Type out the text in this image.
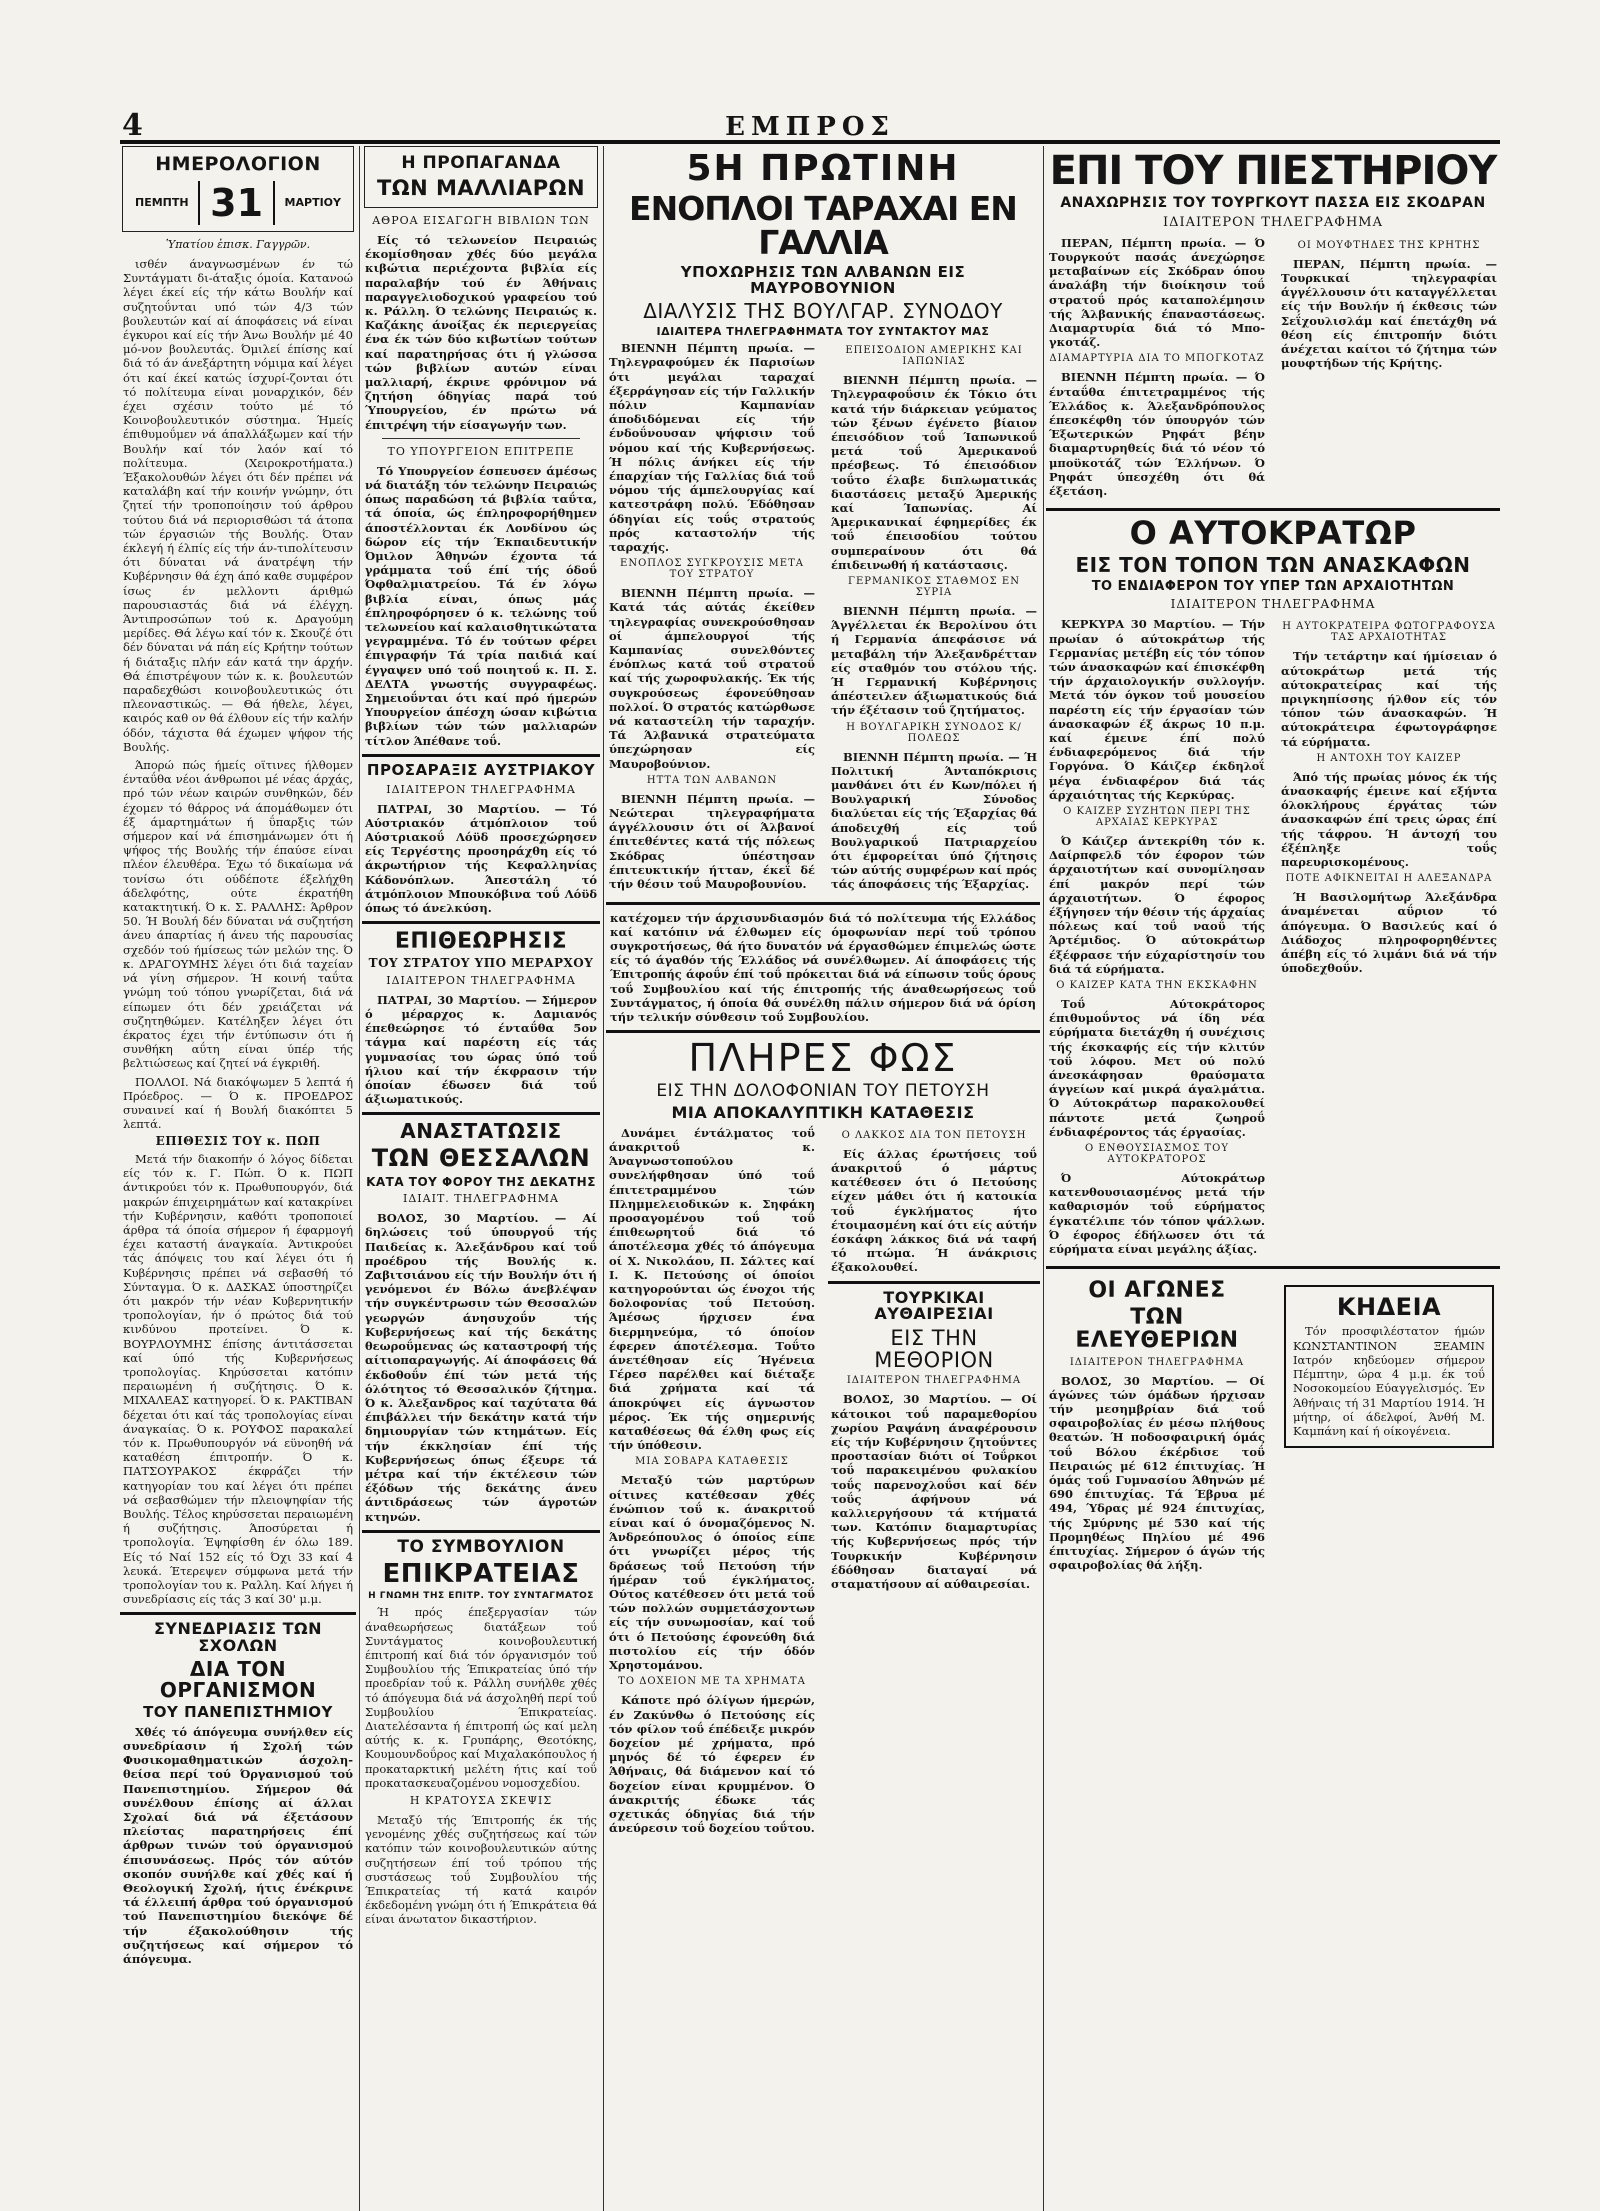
4	ΕΜΠΡΟΣ
ΗΜΕΡΟΛΟΓΙΟΝ
ΠΕΜΠΤΗ 31	ΜΑΡΤΙΟΥ
Ὑπατίου ἐπισκ. Γαγγρῶν.

ισθέν άναγνωσμένων έν τώ Συντάγματι δι-άταξις όμοία. Κατανοώ λέγει έκεί είς τήν κάτω Βουλήν καί συζητοΰνται υπό τών 4/3 τών βουλευτών καί αί άποφάσεις νά είναι έγκυροι καί είς τήν Άνω Βουλήν μέ 40 μό-νον βουλευτάς. Όμιλεί έπίσης καί διά τό άν άνεξάρτητη νόμιμα καί λέγει ότι καί έκεί κατώς ίσχυρί-ζονται ότι τό πολίτευμα είναι μοναρχικόν, δέν έχει σχέσιν τούτο μέ τό Κοινοβουλευτικόν σύστημα. Ήμείς έπιθυμοΰμεν νά άπαλλάξωμεν καί τήν Βουλήν καί τόν λαόν καί τό πολίτευμα. (Χειροκροτήματα.) Έξακολουθών λέγει ότι δέν πρέπει νά καταλάβη καί τήν κοινήν γνώμην, ότι ζητεί τήν τροποποίησιν τού άρθρου τούτου διά νά περιορισθώσι τά άτοπα τών έργασιών τής Βουλής. Όταν έκλεγή ή έλπίς είς τήν άν-τιπολίτευσιν ότι δύναται νά άνατρέψη τήν Κυβέρνησιν θά έχη άπό καθε συμφέρον ίσως έν μελλοντι άριθμώ παρουσιαστάς διά νά έλέγχη. Άντιπροσώπων τού κ. Δραγούμη μερίδες. Θά λέγω καί τόν κ. Σκουζέ ότι δέν δύναται νά πάη είς Κρήτην τούτων ή διάταξις πλήν εάν κατά την άρχήν. Θά έπιστρέψουν τών κ. κ. βουλευτών παραδεχθώσι κοινοβουλευτικώς ότι πλεοναστικώς. — Θά ήθελε, λέγει, καιρός καθ ον θά έλθουν είς τήν καλήν όδόν, τάχιστα θά έχωμεν ψήφον τής Βουλής.

Άπορώ πώς ήμείς οϊτινες ήλθομεν ένταΰθα νέοι άνθρωποι μέ νέας άρχάς, πρό τών νέων καιρών συνθηκών, δέν έχομεν τό θάρρος νά άπομάθωμεν ότι έξ άμαρτημάτων ή ΰπαρξις τών σήμερον καί νά έπισημάνωμεν ότι ή ψήφος τής Βουλής τήν έπαύσε είναι πλέον έλευθέρα. Έχω τό δικαίωμα νά τονίσω ότι ούδέποτε έξελήχθη άδελφότης, ούτε έκρατήθη κατακτητική. Ό κ. Σ. ΡΑΛΛΗΣ: Άρθρον 50. Ή Βουλή δέν δύναται νά συζητήση άνευ άπαρτίας ή άνευ τής παρουσίας σχεδόν τού ήμίσεως τών μελών της. Ό κ. ΔΡΑΓΟΥΜΗΣ λέγει ότι διά ταχείαν νά γίνη σήμερον. Ή κοινή ταΰτα γνώμη τού τόπου γνωρίζεται, διά νά είπωμεν ότι δέν χρειάζεται νά συζητηθώμεν. Κατέληξεν λέγει ότι έκρατος έχει τήν έντύπωσιν ότι ή συνθήκη αΰτη είναι ύπέρ τής βελτιώσεως καί ζητεί νά έγκριθή.

ΠΟΛΛΟΙ. Νά διακόψωμεν 5 λεπτά ή Πρόεδρος. — Ό κ. ΠΡΟΕΔΡΟΣ συναινεί καί ή Βουλή διακόπτει 5 λεπτά.

ΕΠΙΘΕΣΙΣ ΤΟΥ κ. ΠΩΠ

Μετά τήν διακοπήν ό λόγος δίδεται είς τόν κ. Γ. Πώπ. Ό κ. ΠΩΠ άντικρούει τόν κ. Πρωθυπουργόν, διά μακρών έπιχειρημάτων καί κατακρίνει τήν Κυβέρνησιν, καθότι τροποποιεί άρθρα τά όποία σήμερον ή έφαρμογή έχει καταστή άναγκαία. Άντικρούει τάς άπόψεις του καί λέγει ότι ή Κυβέρνησις πρέπει νά σεβασθή τό Σύνταγμα. Ό κ. ΔΑΣΚΑΣ ύποστηρίζει ότι μακρόν τήν νέαν Κυβερνητικήν τροπολογίαν, ήν ό πρώτος διά τού κινδύνου προτείνει. Ό κ. ΒΟΥΡΛΟΥΜΗΣ έπίσης άντιτάσσεται καί ύπό τής Κυβερνήσεως τροπολογίας. Κηρύσσεται κατόπιν περαιωμένη ή συζήτησις. Ό κ. ΜΙΧΑΛΕΑΣ κατηγορεί. Ό κ. ΡΑΚΤΙΒΑΝ δέχεται ότι καί τάς τροπολογίας είναι άναγκαίας. Ό κ. ΡΟΥΦΟΣ παρακαλεί τόν κ. Πρωθυπουργόν νά εϋνοηθή νά καταθέση έπιτροπήν. Ό κ. ΠΑΤΣΟΥΡΑΚΟΣ έκφράζει τήν κατηγορίαν του καί λέγει ότι πρέπει νά σεβασθώμεν τήν πλειοψηφίαν τής Βουλής. Τέλος κηρύσσεται περαιωμένη ή συζήτησις. Άποσύρεται ή τροπολογία. Έψηφίσθη έν όλω 189. Είς τό Ναί 152 είς τό Όχι 33 καί 4 λευκά. Έτερεψεν σύμφωνα μετά τήν τροπολογίαν του κ. Ραλλη. Καί λήγει ή συνεδρίασις είς τάς 3 καί 30' μ.μ.

ΣΥΝΕΔΡΙΑΣΙΣ ΤΩΝ ΣΧΟΛΩΝ
ΔΙΑ ΤΟΝ ΟΡΓΑΝΙΣΜΟΝ
ΤΟΥ ΠΑΝΕΠΙΣΤΗΜΙΟΥ

Χθές τό άπόγευμα συνήλθεν είς συνεδρίασιν ή Σχολή τών Φυσικομαθηματικών άσχολη-θείσα περί τού Όργανισμού τού Πανεπιστημίου. Σήμερον θά συνέλθουν έπίσης αί άλλαι Σχολαί διά νά έξετάσουν πλείστας παρατηρήσεις έπί άρθρων τινών τού όργανισμού έπισυνάσεως. Πρός τόν αύτόν σκοπόν συνήλθε καί χθές καί ή Θεολογική Σχολή, ήτις ένέκρινε τά έλλειπή άρθρα τού όργανισμού τού Πανεπιστημίου διεκόψε δέ τήν έξακολούθησιν τής συζητήσεως καί σήμερον τό άπόγευμα.

Η ΠΡΟΠΑΓΑΝΔΑ
ΤΩΝ ΜΑΛΛΙΑΡΩΝ
ΑΘΡΟΑ ΕΙΣΑΓΩΓΗ ΒΙΒΛΙΩΝ ΤΩΝ

Είς τό τελωνείον Πειραιώς έκομίσθησαν χθές δύο μεγάλα κιβώτια περιέχοντα βιβλία είς παραλαβήν τού έν Άθήναις παραγγελιοδοχικού γραφείου τού κ. Ράλλη. Ό τελώνης Πειραιώς κ. Καζάκης άνοίξας έκ περιεργείας ένα έκ τών δύο κιβωτίων τούτων καί παρατηρήσας ότι ή γλώσσα τών βιβλίων αυτών είναι μαλλιαρή, έκρινε φρόνιμον νά ζητήση όδηγίας παρά τού Ύπουργείου, έν πρώτω νά έπιτρέψη τήν είσαγωγήν των.

ΤΟ ΥΠΟΥΡΓΕΙΟΝ ΕΠΙΤΡΕΠΕ

Τό Υπουργείον έσπευσεν άμέσως νά διατάξη τόν τελώνην Πειραιώς όπως παραδώση τά βιβλία ταΰτα, τά όποία, ώς έπληροφορήθημεν άποστέλλονται έκ Λονδίνου ώς δώρον είς τήν Έκπαιδευτικήν Όμιλον Άθηνών έχοντα τά γράμματα τοΰ έπί τής όδοΰ Όφθαλμιατρείου. Τά έν λόγω βιβλία είναι, όπως μάς έπληροφόρησεν ό κ. τελώνης τοΰ τελωνείου καί καλαισθητικώτατα γεγραμμένα. Τό έν τούτων φέρει έπιγραφήν Τά τρία παιδιά καί έγγαψεν υπό τοΰ ποιητοΰ κ. Π. Σ. ΔΕΛΤΑ γνωστής συγγραφέως. Σημειοΰνται ότι καί πρό ήμερών Υπουργείον άπέσχη ώσαν κιβώτια βιβλίων τών τών μαλλιαρών τίτλον Άπέθανε τοΰ.

ΠΡΟΣΑΡΑΞΙΣ ΑΥΣΤΡΙΑΚΟΥ
ΙΔΙΑΙΤΕΡΟΝ ΤΗΛΕΓΡΑΦΗΜΑ

ΠΑΤΡΑΙ, 30 Μαρτίου. — Τό Αύστριακόν άτμόπλοιον τοΰ Αύστριακοΰ Λόϋδ προσεχώρησεν είς Τεργέστης προσηράχθη είς τό άκρωτήριον τής Κεφαλληνίας Κάδονόπλων. Άπεστάλη τό άτμόπλοιον Μπουκόβινα τοΰ Λόϋδ όπως τό άνελκύση.

ΕΠΙΘΕΩΡΗΣΙΣ
ΤΟΥ ΣΤΡΑΤΟΥ ΥΠΟ ΜΕΡΑΡΧΟΥ
ΙΔΙΑΙΤΕΡΟΝ ΤΗΛΕΓΡΑΦΗΜΑ

ΠΑΤΡΑΙ, 30 Μαρτίου. — Σήμερον ό μέραρχος κ. Δαμιανός έπεθεώρησε τό ένταΰθα 5ον τάγμα καί παρέστη είς τάς γυμνασίας του ώρας ύπό τοΰ ήλιου καί τήν έκφρασιν τήν όποίαν έδωσεν διά τοΰ άξιωματικούς.

ΑΝΑΣΤΑΤΩΣΙΣ
ΤΩΝ ΘΕΣΣΑΛΩΝ
ΚΑΤΑ ΤΟΥ ΦΟΡΟΥ ΤΗΣ ΔΕΚΑΤΗΣ
ΙΔΙΑΙΤ. ΤΗΛΕΓΡΑΦΗΜΑ

ΒΟΛΟΣ, 30 Μαρτίου. — Αί δηλώσεις τοΰ ύπουργοΰ τής Παιδείας κ. Άλεξάνδρου καί τοΰ προέδρου τής Βουλής κ. Ζαβιτσιάνου είς τήν Βουλήν ότι ή γενόμενοι έν Βόλω άνεβλέψαν τήν συγκέντρωσιν τών Θεσσαλών γεωργών άνησυχοΰν τής Κυβερνήσεως καί τής δεκάτης θεωροΰμενας ώς καταστροφή τής αίτιοπαραγωγής. Αί άποφάσεις θά έκδοθοΰν έπί τών μετά τής όλότητος τό Θεσσαλικόν ζήτημα. Ό κ. Άλεξανδρος καί ταχύτατα θά έπιβάλλει τήν δεκάτην κατά τήν δημιουργίαν τών κτημάτων. Είς τήν έκκλησίαν έπί τής Κυβερνήσεως όπως έξευρε τά μέτρα καί τήν έκτέλεσιν τών έξόδων τής δεκάτης άνευ άντιδράσεως τών άγροτών κτηνών.

ΤΟ ΣΥΜΒΟΥΛΙΟΝ
ΕΠΙΚΡΑΤΕΙΑΣ
Η ΓΝΩΜΗ ΤΗΣ ΕΠΙΤΡ. ΤΟΥ ΣΥΝΤΑΓΜΑΤΟΣ

Ή πρός έπεξεργασίαν τών άναθεωρήσεως διατάξεων τοΰ Συντάγματος κοινοβουλευτική έπιτροπή καί διά τόν όργανισμόν τοΰ Συμβουλίου τής Έπικρατείας ύπό τήν προεδρίαν τοΰ κ. Ράλλη συνήλθε χθές τό άπόγευμα διά νά άσχοληθή περί τοΰ Συμβουλίου Έπικρατείας. Διατελέσαντα ή έπιτροπή ώς καί μελη αύτής κ. κ. Γρυπάρης, Θεοτόκης, Κουμουνδοΰρος καί Μιχαλακόπουλος ή προκαταρκτική μελέτη ήτις καί τοΰ προκατασκευαζομένου νομοσχεδίου.

Η ΚΡΑΤΟΥΣΑ ΣΚΕΨΙΣ

Μεταξύ τής Έπιτροπής έκ τής γενομένης χθές συζητήσεως καί τών κατόπιν τών κοινοβουλευτικών αύτης συζητήσεων έπί τοΰ τρόπου τής συστάσεως τοΰ Συμβουλίου τής Έπικρατείας τή κατά καιρόν έκδεδομένη γνώμη ότι ή Έπικράτεια θά είναι άνωτατον δικαστήριον.

5Η ΠΡΩΤΙΝΗ
ΕΝΟΠΛΟΙ ΤΑΡΑΧΑΙ ΕΝ ΓΑΛΛΙΑ
ΥΠΟΧΩΡΗΣΙΣ ΤΩΝ ΑΛΒΑΝΩΝ ΕΙΣ ΜΑΥΡΟΒΟΥΝΙΟΝ
ΔΙΑΛΥΣΙΣ ΤΗΣ ΒΟΥΛΓΑΡ. ΣΥΝΟΔΟΥ
ΙΔΙΑΙΤΕΡΑ ΤΗΛΕΓΡΑΦΗΜΑΤΑ ΤΟΥ ΣΥΝΤΑΚΤΟΥ ΜΑΣ

ΒΙΕΝΝΗ Πέμπτη πρωία. — Τηλεγραφούμεν έκ Παρισίων ότι μεγάλαι ταραχαί έξερράγησαν είς τήν Γαλλικήν πόλιν Καμπανίαν άποδιδόμεναι είς τήν ένδοΰνουσαν ψήφισιν τοΰ νόμου καί τής Κυβερνήσεως. Ή πόλις άνήκει είς τήν έπαρχίαν τής Γαλλίας διά τοΰ νόμου τής άμπελουργίας καί κατεστράφη πολύ. Έδόθησαν όδηγίαι είς τοΰς στρατούς πρός καταστολήν τής ταραχής.

ΕΝΟΠΛΟΣ ΣΥΓΚΡΟΥΣΙΣ ΜΕΤΑ ΤΟΥ ΣΤΡΑΤΟΥ

ΒΙΕΝΝΗ Πέμπτη πρωία. — Κατά τάς αύτάς έκείθεν τηλεγραφίας συνεκρούσθησαν οί άμπελουργοί τής Καμπανίας συνελθόντες ένόπλως κατά τοΰ στρατοΰ καί τής χωροφυλακής. Έκ τής συγκρούσεως έφονεύθησαν πολλοί. Ό στρατός κατώρθωσε νά καταστείλη τήν ταραχήν. Τά Άλβανικά στρατεύματα ύπεχώρησαν είς Μαυροβούνιον.

ΗΤΤΑ ΤΩΝ ΑΛΒΑΝΩΝ

ΒΙΕΝΝΗ Πέμπτη πρωία. — Νεώτεραι τηλεγραφήματα άγγέλλουσιν ότι οί Άλβανοί έπιτεθέντες κατά τής πόλεως Σκόδρας ύπέστησαν έπιτευκτικήν ήτταν, έκεΐ δέ τήν θέσιν τοΰ Μαυροβουνίου.

ΕΠΕΙΣΟΔΙΟΝ ΑΜΕΡΙΚΗΣ ΚΑΙ ΙΑΠΩΝΙΑΣ

ΒΙΕΝΝΗ Πέμπτη πρωία. — Τηλεγραφοΰσιν έκ Τόκιο ότι κατά τήν διάρκειαν γεύματος τών ξένων έγένετο βίαιον έπεισόδιον τοΰ Ίαπωνικοΰ μετά τοΰ Άμερικανοΰ πρέσβεως. Τό έπεισόδιον τοΰτο έλαβε διπλωματικάς διαστάσεις μεταξύ Άμερικής καί Ίαπωνίας. Αί Άμερικανικαί έφημερίδες έκ τοΰ έπεισοδίου τούτου συμπεραίνουν ότι θά έπιδεινωθή ή κατάστασις.

ΓΕΡΜΑΝΙΚΟΣ ΣΤΑΘΜΟΣ ΕΝ ΣΥΡΙΑ

ΒΙΕΝΝΗ Πέμπτη πρωία. — Άγγέλλεται έκ Βερολίνου ότι ή Γερμανία άπεφάσισε νά μεταβάλη τήν Άλεξανδρέτταν είς σταθμόν του στόλου τής. Ή Γερμανική Κυβέρνησις άπέστειλεν άξιωματικούς διά τήν έξέτασιν τοΰ ζητήματος.

Η ΒΟΥΛΓΑΡΙΚΗ ΣΥΝΟΔΟΣ Κ/ΠΟΛΕΩΣ

ΒΙΕΝΝΗ Πέμπτη πρωία. — Ή Πολιτική Άνταπόκρισις μανθάνει ότι έν Κων/πόλει ή Βουλγαρική Σύνοδος διαλύεται είς τής Έξαρχίας θά άποδειχθή είς τοΰ Βουλγαρικοΰ Πατριαρχείου ότι έμφορείται ύπό ζήτησις τών αύτής συμφέρων καί πρός τάς άποφάσεις τής Έξαρχίας.

κατέχομεν τήν άρχισυνδιασμόν διά τό πολίτευμα τής Ελλάδος καί κατόπιν νά έλθωμεν είς όμοφωνίαν περί τοΰ τρόπου συγκροτήσεως, θά ήτο δυνατόν νά έργασθώμεν έπιμελώς ώστε είς τό άγαθόν τής Έλλάδος νά συνέλθωμεν. Αί άποφάσεις τής Έπιτροπής άφοΰν έπί τοΰ πρόκειται διά νά είπωσιν τοΰς όρους τοΰ Συμβουλίου καί τής έπιτροπής τής άναθεωρήσεως τοΰ Συντάγματος, ή όποία θά συνέλθη πάλιν σήμερον διά νά όρίση τήν τελικήν σύνθεσιν τοΰ Συμβουλίου.

ΠΛΗΡΕΣ ΦΩΣ
ΕΙΣ ΤΗΝ ΔΟΛΟΦΟΝΙΑΝ ΤΟΥ ΠΕΤΟΥΣΗ
ΜΙΑ ΑΠΟΚΑΛΥΠΤΙΚΗ ΚΑΤΑΘΕΣΙΣ

Δυνάμει έντάλματος τοΰ άνακριτοΰ κ. Άναγνωστοπούλου συνελήφθησαν ύπό τοΰ έπιτετραμμένου τών Πλημμελειοδικών κ. Σηφάκη προσαγομένου τοΰ τοΰ έπιθεωρητοΰ διά τό άποτέλεσμα χθές τό άπόγευμα οί Χ. Νικολάου, Π. Σάλτες καί Ι. Κ. Πετούσης οί όποίοι κατηγορούνται ώς ένοχοι τής δολοφονίας τοΰ Πετούση. Άμέσως ήρχισεν ένα διερμηνεύμα, τό όποίον έφερεν άποτέλεσμα. Τοΰτο άνετέθησαν είς Ήγένεια Γέρεσ παρέλθει καί διέταξε διά χρήματα καί τά άποκρύψει είς άγνωστον μέρος. Έκ τής σημερινής καταθέσεως θά έλθη φως είς τήν ύπόθεσιν.

ΜΙΑ ΣΟΒΑΡΑ ΚΑΤΑΘΕΣΙΣ

Μεταξύ τών μαρτύρων οίτινες κατέθεσαν χθές ένώπιον τοΰ κ. άνακριτοΰ είναι καί ό όνομαζόμενος Ν. Άνδρεόπουλος ό όποίος είπε ότι γνωρίζει μέρος τής δράσεως τοΰ Πετούση τήν ήμέραν τοΰ έγκλήματος. Ούτος κατέθεσεν ότι μετά τοΰ τών πολλών συμμετάσχοντων είς τήν συνωμοσίαν, καί τοΰ ότι ό Πετούσης έφονεύθη διά πιστολίου είς τήν όδόν Χρηστομάνου.

ΤΟ ΔΟΧΕΙΟΝ ΜΕ ΤΑ ΧΡΗΜΑΤΑ

Κάποτε πρό όλίγων ήμερών, έν Ζακύνθω ό Πετούσης είς τόν φίλον τοΰ έπέδειξε μικρόν δοχείον μέ χρήματα, πρό μηνός δέ τό έφερεν έν Άθήναις, θά διάμενον καί τό δοχείον είναι κρυμμένον. Ό άνακριτής έδωκε τάς σχετικάς όδηγίας διά τήν άνεύρεσιν τοΰ δοχείου τοΰτου.

Ο ΛΑΚΚΟΣ ΔΙΑ ΤΟΝ ΠΕΤΟΥΣΗ

Είς άλλας έρωτήσεις τοΰ άνακριτοΰ ό μάρτυς κατέθεσεν ότι ό Πετούσης είχεν μάθει ότι ή κατοικία τοΰ έγκλήματος ήτο έτοιμασμένη καί ότι είς αύτήν έσκάφη λάκκος διά νά ταφή τό πτώμα. Ή άνάκρισις έξακολουθεί.

ΤΟΥΡΚΙΚΑΙ ΑΥΘΑΙΡΕΣΙΑΙ
ΕΙΣ ΤΗΝ ΜΕΘΟΡΙΟΝ
ΙΔΙΑΙΤΕΡΟΝ ΤΗΛΕΓΡΑΦΗΜΑ

ΒΟΛΟΣ, 30 Μαρτίου. — Οί κάτοικοι τοΰ παραμεθορίου χωρίου Ραψάνη άναφέρουσιν είς τήν Κυβέρνησιν ζητοΰντες προστασίαν διότι οί Τοΰρκοι τοΰ παρακειμένου φυλακίου τοΰς παρενοχλοΰσι καί δέν τοΰς άφήνουν νά καλλιεργήσουν τά κτήματά των. Κατόπιν διαμαρτυρίας τής Κυβερνήσεως πρός τήν Τουρκικήν Κυβέρνησιν έδόθησαν διαταγαί νά σταματήσουν αί αύθαιρεσίαι.

ΕΠΙ ΤΟΥ ΠΙΕΣΤΗΡΙΟΥ
ΑΝΑΧΩΡΗΣΙΣ ΤΟΥ ΤΟΥΡΓΚΟΥΤ ΠΑΣΣΑ ΕΙΣ ΣΚΟΔΡΑΝ
ΙΔΙΑΙΤΕΡΟΝ ΤΗΛΕΓΡΑΦΗΜΑ

ΠΕΡΑΝ, Πέμπτη πρωία. — Ό Τουργκούτ πασάς άνεχώρησε μεταβαίνων είς Σκόδραν όπου άναλάβη τήν διοίκησιν τοΰ στρατοΰ πρός καταπολέμησιν τής Άλβανικής έπαναστάσεως. Διαμαρτυρία διά τό Μπο-γκοτάζ.

ΔΙΑΜΑΡΤΥΡΙΑ ΔΙΑ ΤΟ ΜΠΟΓΚΟΤΑΖ

ΒΙΕΝΝΗ Πέμπτη πρωία. — Ό ένταΰθα έπιτετραμμένος τής Έλλάδος κ. Άλεξανδρόπουλος έπεσκέφθη τόν ύπουργόν τών Έξωτερικών Ρηφάτ βέην διαμαρτυρηθείς διά τό νέον τό μποϋκοτάζ τών Έλλήνων. Ό Ρηφάτ ύπεσχέθη ότι θά έξετάση.

ΟΙ ΜΟΥΦΤΗΔΕΣ ΤΗΣ ΚΡΗΤΗΣ

ΠΕΡΑΝ, Πέμπτη πρωία. — Τουρκικαί τηλεγραφίαι άγγέλλουσιν ότι καταγγέλλεται είς τήν Βουλήν ή έκθεσις τών Σεΐχουλισλάμ καί έπετάχθη νά θέση είς έπιτροπήν διότι άνέχεται καίτοι τό ζήτημα τών μουφτήδων τής Κρήτης.

Ο ΑΥΤΟΚΡΑΤΩΡ
ΕΙΣ ΤΟΝ ΤΟΠΟΝ ΤΩΝ ΑΝΑΣΚΑΦΩΝ
ΤΟ ΕΝΔΙΑΦΕΡΟΝ ΤΟΥ ΥΠΕΡ ΤΩΝ ΑΡΧΑΙΟΤΗΤΩΝ
ΙΔΙΑΙΤΕΡΟΝ ΤΗΛΕΓΡΑΦΗΜΑ

ΚΕΡΚΥΡΑ 30 Μαρτίου. — Τήν πρωίαν ό αύτοκράτωρ τής Γερμανίας μετέβη είς τόν τόπον τών άνασκαφών καί έπισκέφθη τήν άρχαιολογικήν συλλογήν. Μετά τόν όγκον τοΰ μουσείου παρέστη είς τήν έργασίαν τών άνασκαφών έξ άκρως 10 π.μ. καί έμεινε έπί πολύ ένδιαφερόμενος διά τήν Γοργόνα. Ό Κάιζερ έκδηλοΐ μέγα ένδιαφέρον διά τάς άρχαιότητας τής Κερκύρας.

Ο ΚΑΙΖΕΡ ΣΥΖΗΤΩΝ ΠΕΡΙ ΤΗΣ ΑΡΧΑΙΑΣ ΚΕΡΚΥΡΑΣ

Ό Κάιζερ άντεκρίθη τόν κ. Δαίρπφελδ τόν έφορον τών άρχαιοτήτων καί συνομίλησαν έπί μακρόν περί τών άρχαιοτήτων. Ό έφορος έξήγησεν τήν θέσιν τής άρχαίας πόλεως καί τοΰ ναοΰ τής Άρτέμιδος. Ό αύτοκράτωρ έξέφρασε τήν εύχαρίστησίν του διά τά εύρήματα.

Ο ΚΑΙΖΕΡ ΚΑΤΑ ΤΗΝ ΕΚΣΚΑΦΗΝ

Τοΰ Αύτοκράτορος έπιθυμοΰντος νά ίδη νέα εύρήματα διετάχθη ή συνέχισις τής έκσκαφής είς τήν κλιτύν τοΰ λόφου. Μετ ού πολύ άνεσκάφησαν θραύσματα άγγείων καί μικρά άγαλμάτια. Ό Αύτοκράτωρ παρακολουθεί πάντοτε μετά ζωηροΰ ένδιαφέροντος τάς έργασίας.

Ο ΕΝΘΟΥΣΙΑΣΜΟΣ ΤΟΥ ΑΥΤΟΚΡΑΤΟΡΟΣ

Ό Αύτοκράτωρ κατενθουσιασμένος μετά τήν καθαρισμόν τοΰ εύρήματος έγκατέλιπε τόν τόπον ψάλλων. Ό έφορος έδήλωσεν ότι τά εύρήματα είναι μεγάλης άξίας.

Η ΑΥΤΟΚΡΑΤΕΙΡΑ ΦΩΤΟΓΡΑΦΟΥΣΑ ΤΑΣ ΑΡΧΑΙΟΤΗΤΑΣ

Τήν τετάρτην καί ήμίσειαν ό αύτοκράτωρ μετά τής αύτοκρατείρας καί τής πριγκηπίσσης ήλθον είς τόν τόπον τών άνασκαφών. Ή αύτοκράτειρα έφωτογράφησε τά εύρήματα.

Η ΑΝΤΟΧΗ ΤΟΥ ΚΑΙΖΕΡ

Άπό τής πρωίας μόνος έκ τής άνασκαφής έμεινε καί εξήντα όλοκλήρους έργάτας τών άνασκαφών έπί τρεις ώρας έπί τής τάφρου. Ή άντοχή του έξέπληξε τοΰς παρευρισκομένους.

ΠΟΤΕ ΑΦΙΚΝΕΙΤΑΙ Η ΑΛΕΞΑΝΔΡΑ

Ή Βασιλομήτωρ Άλεξάνδρα άναμένεται αΰριον τό άπόγευμα. Ό Βασιλεύς καί ό Διάδοχος πληροφορηθέντες άπέβη είς τό λιμάνι διά νά τήν ύποδεχθοΰν.

ΟΙ ΑΓΩΝΕΣ
ΤΩΝ ΕΛΕΥΘΕΡΙΩΝ
ΙΔΙΑΙΤΕΡΟΝ ΤΗΛΕΓΡΑΦΗΜΑ

ΒΟΛΟΣ, 30 Μαρτίου. — Οί άγώνες τών όμάδων ήρχισαν τήν μεσημβρίαν διά τοΰ σφαιροβολίας έν μέσω πλήθους θεατών. Ή ποδοσφαιρική όμάς τοΰ Βόλου έκέρδισε τοΰ Πειραιώς μέ 612 έπιτυχίας. Ή όμάς τοΰ Γυμνασίου Άθηνών μέ 690 έπιτυχίας. Τά Έβρυα μέ 494, Ύδρας μέ 924 έπιτυχίας, τής Σμύρνης μέ 530 καί τής Προμηθέως Πηλίου μέ 496 έπιτυχίας. Σήμερον ό άγών τής σφαιροβολίας θά λήξη.

ΚΗΔΕΙΑ

Τόν προσφιλέστατον ήμών ΚΩΝΣΤΑΝΤΙΝΟΝ ΞΕΑΜΙΝ Ιατρόν κηδεύομεν σήμερον Πέμπτην, ώρα 4 μ.μ. έκ τοΰ Νοσοκομείου Εύαγγελισμός. Έν Άθήναις τή 31 Μαρτίου 1914. Ή μήτηρ, οί άδελφοί, Άνθή Μ. Καμπάνη καί ή οίκογένεια.
